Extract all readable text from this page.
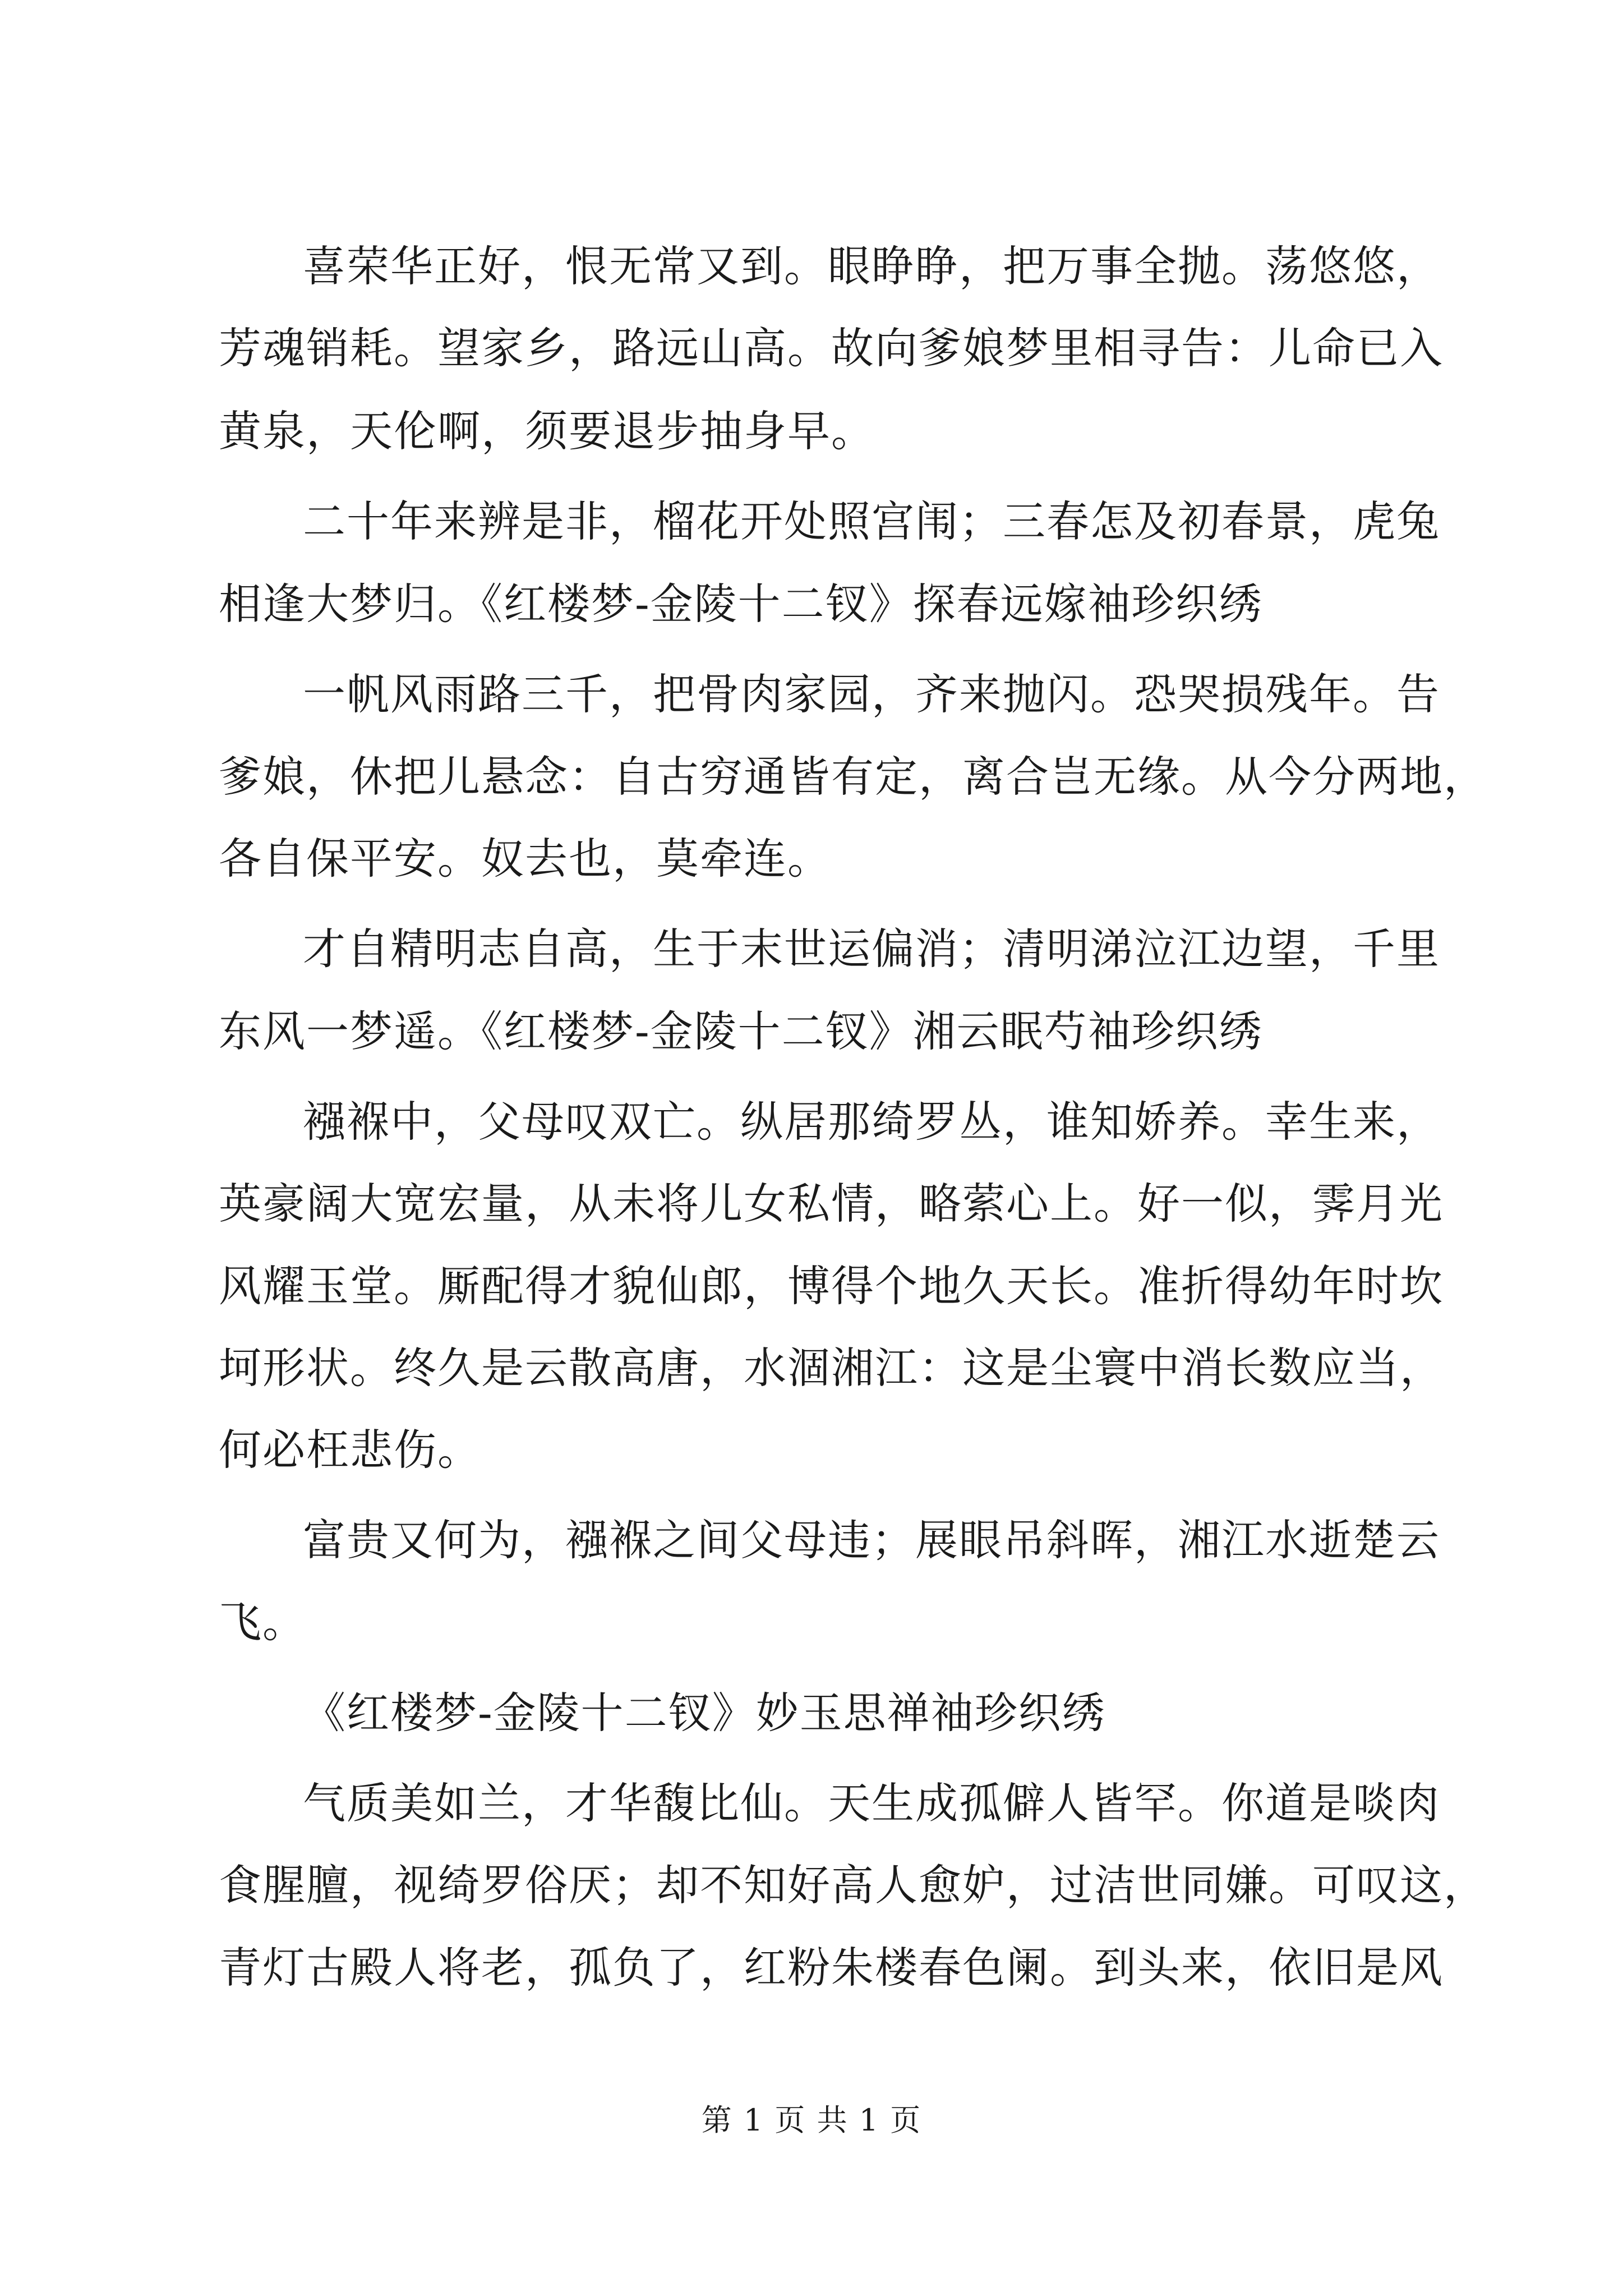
喜荣华正好，恨无常又到。眼睁睁，把万事全抛。荡悠悠，
芳魂销耗。望家乡，路远山高。故向爹娘梦里相寻告：儿命已入
黄泉，天伦啊，须要退步抽身早。
二十年来辨是非，榴花开处照宫闱；三春怎及初春景，虎兔
相逢大梦归。《红楼梦-金陵十二钗》探春远嫁袖珍织绣
一帆风雨路三千，把骨肉家园，齐来抛闪。恐哭损残年。告
爹娘，休把儿悬念：自古穷通皆有定，离合岂无缘。从今分两地，
各自保平安。奴去也，莫牵连。
才自精明志自高，生于末世运偏消；清明涕泣江边望，千里
东风一梦遥。《红楼梦-金陵十二钗》湘云眠芍袖珍织绣
襁褓中，父母叹双亡。纵居那绮罗丛，谁知娇养。幸生来，
英豪阔大宽宏量，从未将儿女私情，略萦心上。好一似，霁月光
风耀玉堂。厮配得才貌仙郎，博得个地久天长。准折得幼年时坎
坷形状。终久是云散高唐，水涸湘江：这是尘寰中消长数应当，
何必枉悲伤。
富贵又何为，襁褓之间父母违；展眼吊斜晖，湘江水逝楚云
飞。
《红楼梦-金陵十二钗》妙玉思禅袖珍织绣
气质美如兰，才华馥比仙。天生成孤僻人皆罕。你道是啖肉
食腥膻，视绮罗俗厌；却不知好高人愈妒，过洁世同嫌。可叹这，
青灯古殿人将老，孤负了，红粉朱楼春色阑。到头来，依旧是风
第 1 页 共 1 页
